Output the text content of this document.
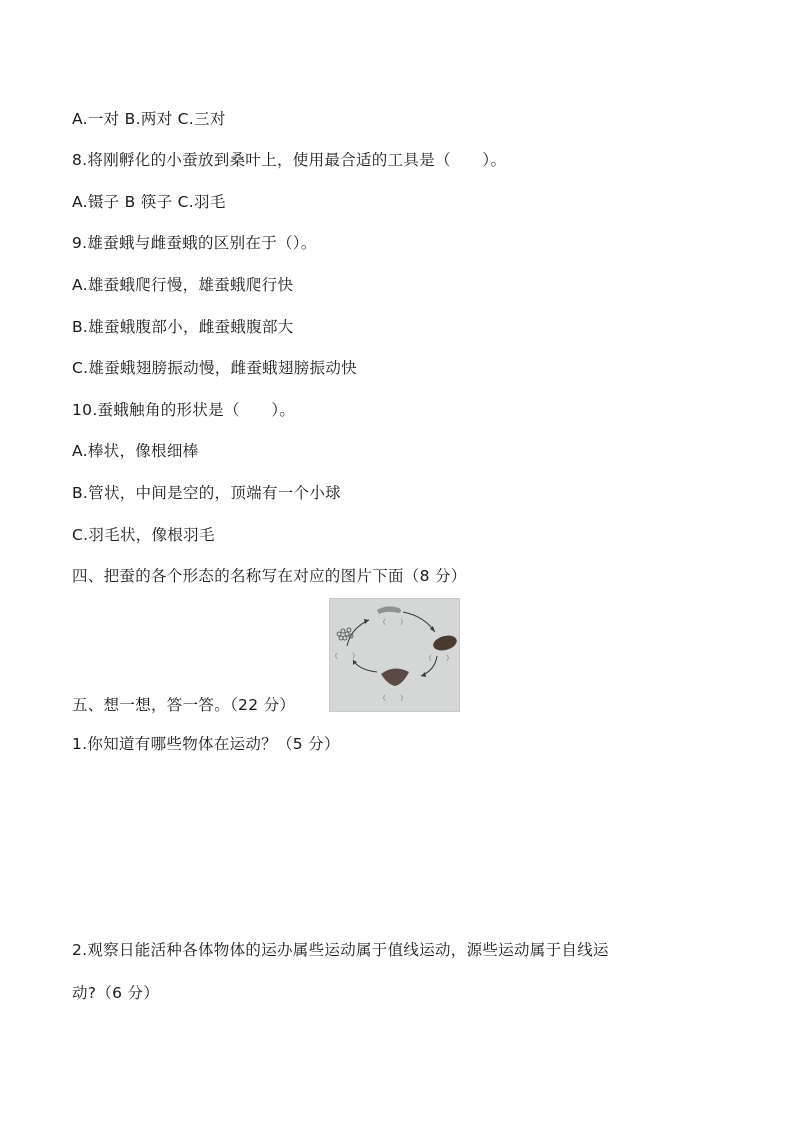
A.一对 B.两对 C.三对
8.将刚孵化的小蚕放到桑叶上，使用最合适的工具是（　　）。
A.镊子 B 筷子 C.羽毛
9.雄蚕蛾与雌蚕蛾的区别在于（）。
A.雄蚕蛾爬行慢，雄蚕蛾爬行快
B.雄蚕蛾腹部小，雌蚕蛾腹部大
C.雄蚕蛾翅膀振动慢，雌蚕蛾翅膀振动快
10.蚕蛾触角的形状是（　　）。
A.棒状，像根细棒
B.管状，中间是空的，顶端有一个小球
C.羽毛状，像根羽毛
四、把蚕的各个形态的名称写在对应的图片下面（8 分）
（　　）
（　　）	（　　）
（　　）
五、想一想，答一答。（22 分）
1.你知道有哪些物体在运动？（5 分）
2.观察日能活种各体物体的运办属些运动属于值线运动，源些运动属于自线运
动?（6 分）
